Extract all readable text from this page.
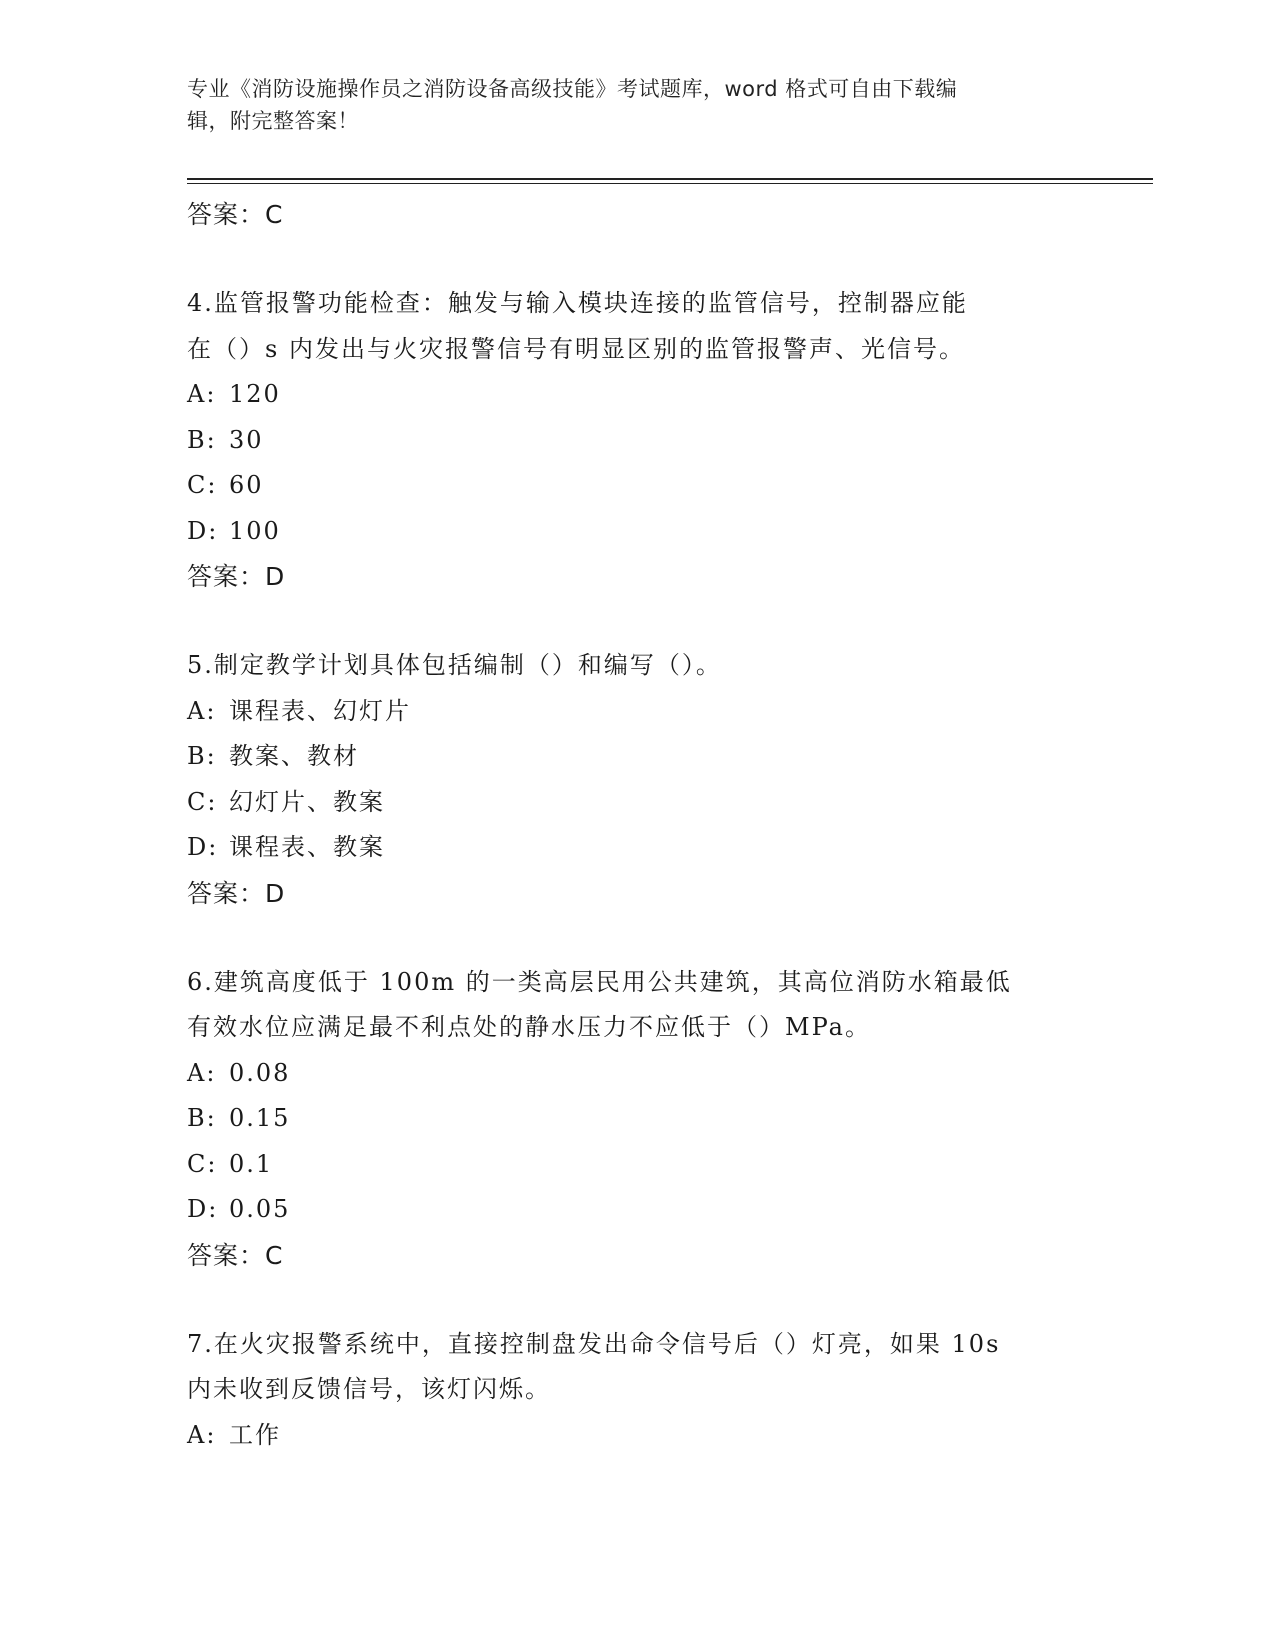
专业《消防设施操作员之消防设备高级技能》考试题库，word 格式可自由下载编
辑，附完整答案！
答案：C
4.监管报警功能检查：触发与输入模块连接的监管信号，控制器应能
在（）s 内发出与火灾报警信号有明显区别的监管报警声、光信号。
A: 120
B: 30
C: 60
D: 100
答案：D
5.制定教学计划具体包括编制（）和编写（）。
A: 课程表、幻灯片
B: 教案、教材
C: 幻灯片、教案
D: 课程表、教案
答案：D
6.建筑高度低于 100m 的一类高层民用公共建筑，其高位消防水箱最低
有效水位应满足最不利点处的静水压力不应低于（）MPa。
A: 0.08
B: 0.15
C: 0.1
D: 0.05
答案：C
7.在火灾报警系统中，直接控制盘发出命令信号后（）灯亮，如果 10s
内未收到反馈信号，该灯闪烁。
A: 工作
